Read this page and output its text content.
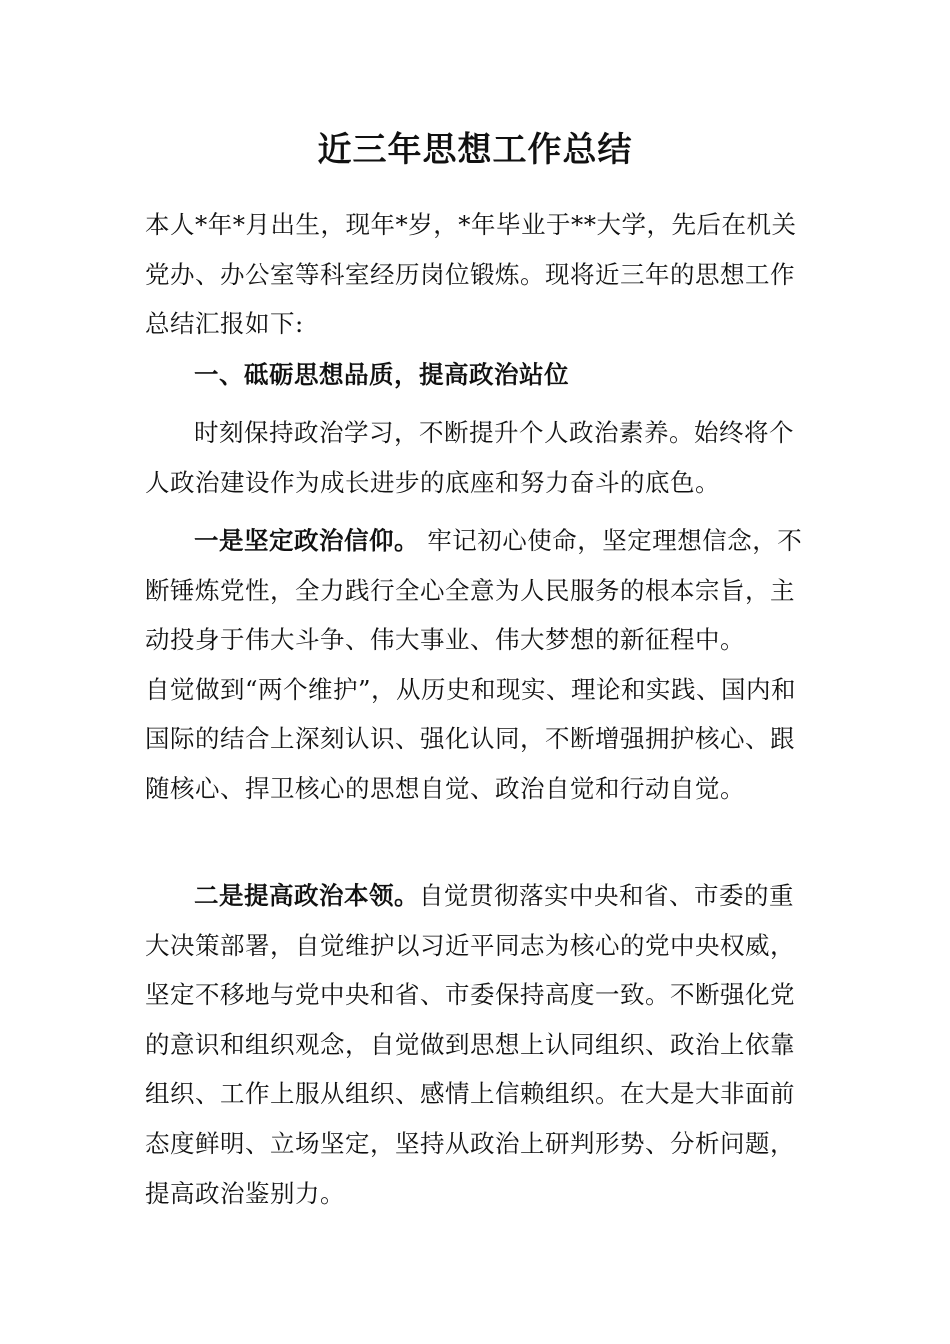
近三年思想工作总结

本人*年*月出生，现年*岁，*年毕业于**大学，先后在机关党办、办公室等科室经历岗位锻炼。现将近三年的思想工作总结汇报如下:

一、砥砺思想品质，提高政治站位

时刻保持政治学习，不断提升个人政治素养。始终将个人政治建设作为成长进步的底座和努力奋斗的底色。

一是坚定政治信仰。 牢记初心使命，坚定理想信念，不断锤炼党性，全力践行全心全意为人民服务的根本宗旨，主动投身于伟大斗争、伟大事业、伟大梦想的新征程中。

自觉做到“两个维护”，从历史和现实、理论和实践、国内和国际的结合上深刻认识、强化认同，不断增强拥护核心、跟随核心、捍卫核心的思想自觉、政治自觉和行动自觉。

二是提高政治本领。自觉贯彻落实中央和省、市委的重大决策部署，自觉维护以习近平同志为核心的党中央权威，坚定不移地与党中央和省、市委保持高度一致。不断强化党的意识和组织观念，自觉做到思想上认同组织、政治上依靠组织、工作上服从组织、感情上信赖组织。在大是大非面前态度鲜明、立场坚定，坚持从政治上研判形势、分析问题，提高政治鉴别力。
